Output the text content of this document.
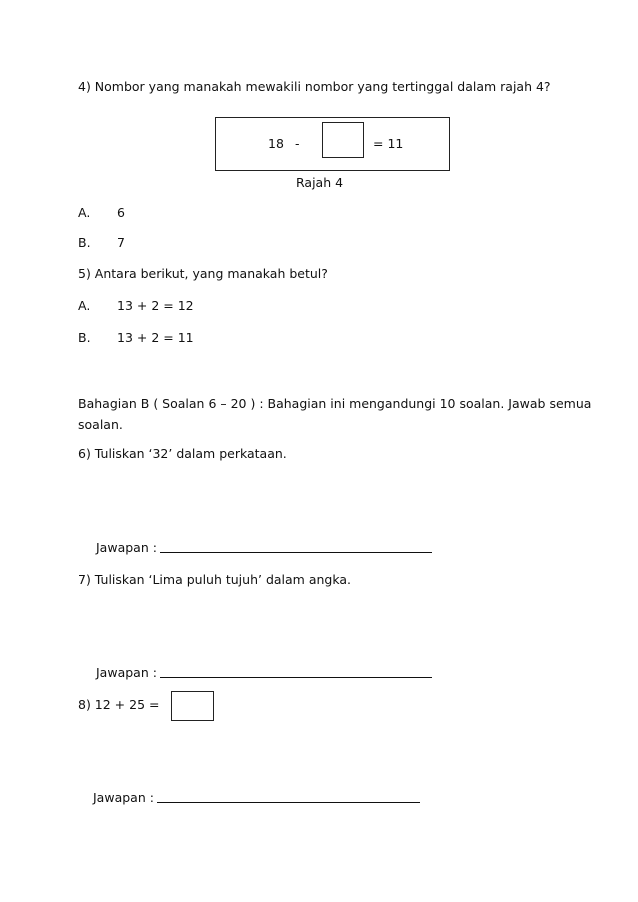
4) Nombor yang manakah mewakili nombor yang tertinggal dalam rajah 4?
18 -	= 11
Rajah 4
A. 6
B. 7
5) Antara berikut, yang manakah betul?
A. 13 + 2 = 12
B. 13 + 2 = 11
Bahagian B ( Soalan 6 – 20 ) : Bahagian ini mengandungi 10 soalan. Jawab semua
soalan.
6) Tuliskan ‘32’ dalam perkataan.
Jawapan :
7) Tuliskan ‘Lima puluh tujuh’ dalam angka.
Jawapan :
8) 12 + 25 =
Jawapan :
